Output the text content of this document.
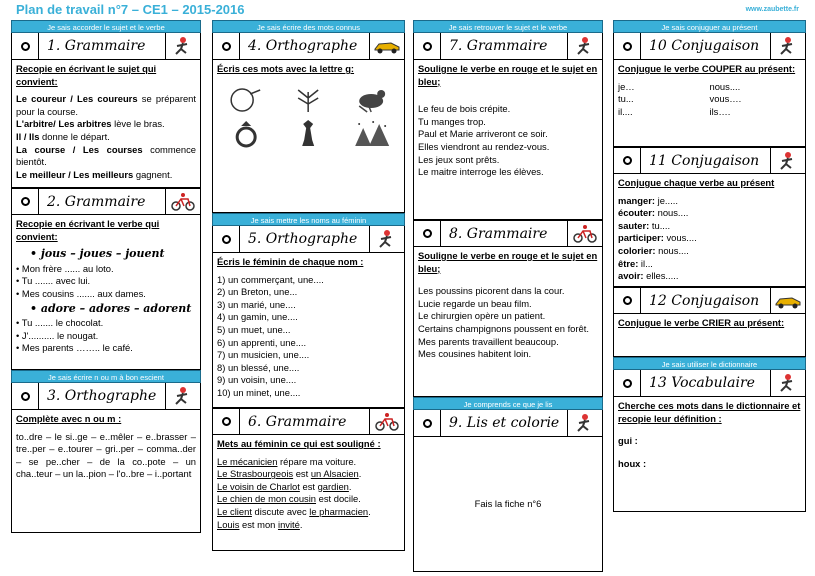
Plan de travail n°7 – CE1 – 2015-2016	www.zaubette.fr
Je sais accorder le sujet et le verbe
1. Grammaire
Recopie en écrivant le sujet qui convient:
Le coureur / Les coureurs se préparent pour la course.
L'arbitre/ Les arbitres lève le bras.
Il / Ils donne le départ.
La course / Les courses commence bientôt.
Le meilleur / Les meilleurs gagnent.
2. Grammaire
Recopie en écrivant le verbe qui convient:
• jous – joues – jouent
• Mon frère ...... au loto.
• Tu ....... avec lui.
• Mes cousins ....... aux dames.
• adore – adores – adorent
• Tu ....... le chocolat.
• J'.......... le nougat.
• Mes parents …….. le café.
Je sais écrire n ou m à bon escient
3. Orthographe
Complète avec n ou m :
to..dre – le si..ge – e..mêler – e..brasser – tre..per – e..tourer – gri..per – comma..der – se pe..cher – de la co..pote – un cha..teur – un la..pion – l'o..bre – i..portant
Je sais écrire des mots connus
4. Orthographe
Écris ces mots avec la lettre g:
Je sais mettre les noms au féminin
5. Orthographe
Écris le féminin de chaque nom :
1) un commerçant, une....
2) un Breton, une...
3) un marié, une....
4) un gamin, une....
5) un muet, une...
6) un apprenti, une....
7) un musicien, une....
8) un blessé, une....
9) un voisin, une....
10) un minet, une....
6. Grammaire
Mets au féminin ce qui est souligné :
Le mécanicien répare ma voiture.
Le Strasbourgeois est un Alsacien.
Le voisin de Charlot est gardien.
Le chien de mon cousin est docile.
Le client discute avec le pharmacien.
Louis est mon invité.
Je sais retrouver le sujet et le verbe
7. Grammaire
Souligne le verbe en rouge et le sujet en bleu;
Le feu de bois crépite.
Tu manges trop.
Paul et Marie arriveront ce soir.
Elles viendront au rendez-vous.
Les jeux sont prêts.
Le maitre interroge les élèves.
8. Grammaire
Souligne le verbe en rouge et le sujet en bleu;
Les poussins picorent dans la cour.
Lucie regarde un beau film.
Le chirurgien opère un patient.
Certains champignons poussent en forêt.
Mes parents travaillent beaucoup.
Mes cousines habitent loin.
Je comprends ce que je lis
9. Lis et colorie
Fais la fiche n°6
Je sais conjuguer au présent
10 Conjugaison
Conjugue le verbe COUPER au présent:
je…	nous....
tu...	vous….
il....	ils….
11 Conjugaison
Conjugue chaque verbe au présent
manger: je.....
écouter: nous....
sauter: tu....
participer: vous....
colorier: nous....
être: il...
avoir: elles.....
12 Conjugaison
Conjugue le verbe CRIER au présent:
Je sais utiliser le dictionnaire
13 Vocabulaire
Cherche ces mots dans le dictionnaire et recopie leur définition :
gui :
houx :
